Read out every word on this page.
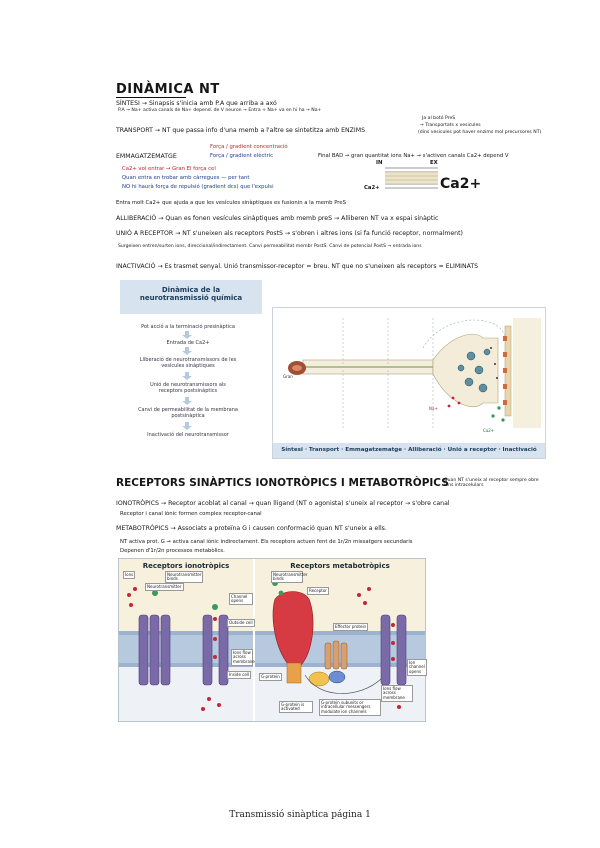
DINÀMICA NT
SÍNTESI → Sinapsis s'inicia amb P.A que arriba a axó
P.A → Na+ activa canals de Na+ depend. de V neuron → Entra + Na+ va en hi ha → Na+
TRANSPORT → NT que passa info d'una memb a l'altre se sintetitza amb ENZIMS
Ja al botó PreS
→ Transportats x vesicules
(dins vesicules pot haver enzims mol precursores NT)
EMMAGATZEMATGE
Força / gradient concentració
Força / gradient elèctric	Final BAD → gran quantitat ions Na+ → s'activen canals Ca2+ depend V
Ca2+ vol entrar → Gran El força cel
Quan entra en trobar amb càrregues — per tant
NO hi haurà força de repulsió (gradient dcs) que l'expulsi
IN	EX
Ca2+
Ca2+
Entra molt Ca2+ que ajuda a que les vesícules sinàptiques es fusionin a la memb PreS
ALLIBERACIÓ → Quan es fonen vesícules sinàptiques amb memb preS → Alliberen NT va x espai sinàptic
UNIÓ A RECEPTOR → NT s'uneixen als receptors PostS → s'obren i altres ions (si fa funció receptor, normalment)
Surgeixen entren/surten ions, direccional/indirectament. Canvi permeabilitat membr PostS. Canvi de potencial PostS → entrada ions
INACTIVACIÓ → Es trasmet senyal. Unió transmissor-receptor = breu. NT que no s'uneixen als receptors = ELIMINATS
Dinàmica de la
neurotransmissió química
Pot acció a la terminació presinàptica
Entrada de Ca2+
Lliberació de neurotransmissors de les vesícules sinàptiques
Unió de neurotransmissors als receptors postsinàptics
Canvi de permeabilitat de la membrana postsinàptica
Inactivació del neurotransmissor
Gran
Na+
Ca2+
Síntesi · Transport · Emmagatzematge · Alliberació · Unió a receptor · Inactivació
RECEPTORS SINÀPTICS IONOTRÒPICS I METABOTRÒPICS
Quan NT s'uneix al receptor sempre obre ions intracelulars
IONOTRÒPICS → Receptor acoblat al canal → quan lligand (NT o agonista) s'uneix al receptor → s'obre canal
Receptor i canal iònic formen complex receptor-canal
METABOTRÒPICS → Associats a proteïna G i causen conformació quan NT s'uneix a ells.
NT activa prot. G → activa canal iònic indirectament. Els receptors actuen fent de 1r/2n missatgers secundaris
Depenen d'1r/2n processos metabòlics.
Receptors ionotròpics	Receptors metabotròpics
Ions	Neurotransmitter binds
Neurotransmitter
Channel opens
Outside cell
Inside cell
Ions flow across membrane
Neurotransmitter binds
Receptor
Effector protein
G-protein
G-protein is activated
G-protein subunits or intracellular messengers modulate ion channels
Ion channel opens
Ions flow across membrane
Transmissió sinàptica página 1
